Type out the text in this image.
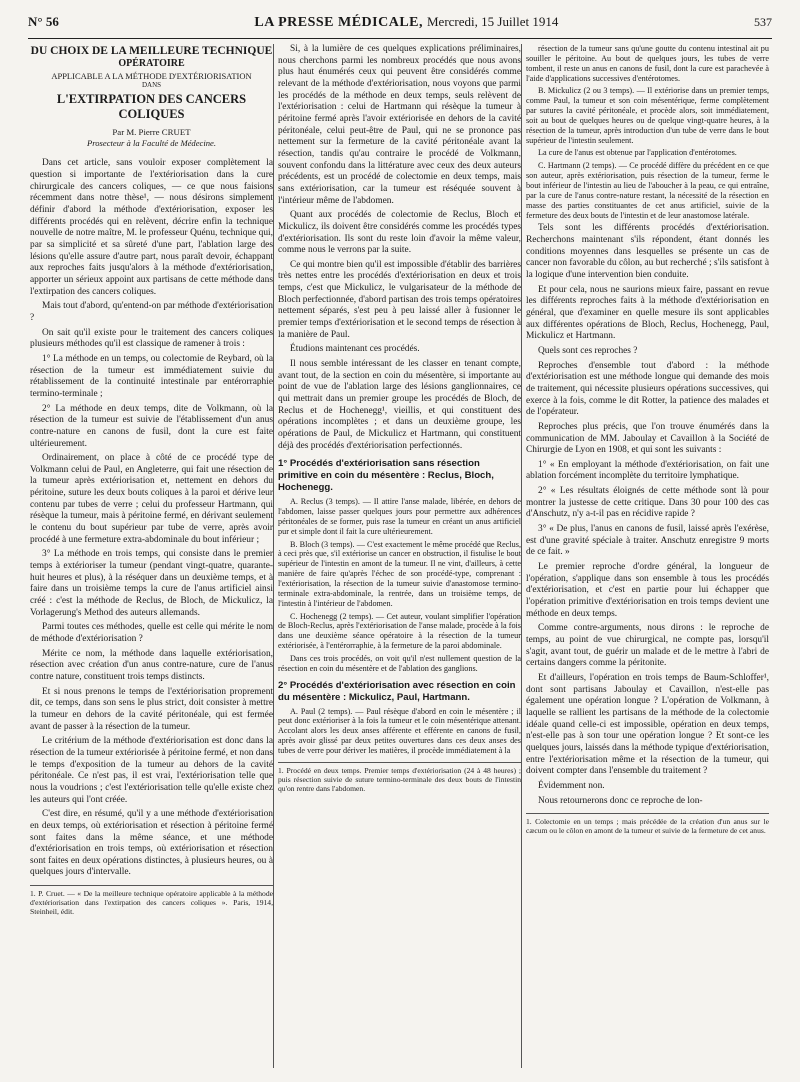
N° 56	LA PRESSE MÉDICALE, Mercredi, 15 Juillet 1914	537
DU CHOIX DE LA MEILLEURE TECHNIQUE
OPÉRATOIRE
APPLICABLE A LA MÉTHODE D'EXTÉRIORISATION
DANS
L'EXTIRPATION DES CANCERS COLIQUES
Par M. Pierre CRUET
Prosecteur à la Faculté de Médecine.

Dans cet article, sans vouloir exposer complètement la question si importante de l'extériorisation dans la cure chirurgicale des cancers coliques, — ce que nous faisions récemment dans notre thèse¹, — nous désirons simplement définir d'abord la méthode d'extériorisation, exposer les différents procédés qui en relèvent, décrire enfin la technique nouvelle de notre maître, M. le professeur Quénu, technique qui, par sa simplicité et sa sûreté d'une part, l'ablation large des lésions qu'elle assure d'autre part, nous paraît devoir, échappant aux reproches faits jusqu'alors à la méthode d'extériorisation, apporter un sérieux appoint aux partisans de cette méthode dans l'extirpation des cancers coliques.

Mais tout d'abord, qu'entend-on par méthode d'extériorisation ?

On sait qu'il existe pour le traitement des cancers coliques plusieurs méthodes qu'il est classique de ramener à trois :

1° La méthode en un temps, ou colectomie de Reybard, où la résection de la tumeur est immédiatement suivie du rétablissement de la continuité intestinale par entérorraphie termino-terminale ;

2° La méthode en deux temps, dite de Volkmann, où la résection de la tumeur est suivie de l'établissement d'un anus contre-nature en canons de fusil, dont la cure est faite ultérieurement.

Ordinairement, on place à côté de ce procédé type de Volkmann celui de Paul, en Angleterre, qui fait une résection de la tumeur après extériorisation et, nettement en dehors du péritoine, suture les deux bouts coliques à la paroi et dérive leur contenu par tubes de verre ; celui du professeur Hartmann, qui résèque la tumeur, mais à péritoine fermé, en dérivant seulement le contenu du bout supérieur par tube de verre, après avoir procédé à une fermeture extra-abdominale du bout inférieur ;

3° La méthode en trois temps, qui consiste dans le premier temps à extérioriser la tumeur (pendant vingt-quatre, quarante-huit heures et plus), à la réséquer dans un deuxième temps, et à faire dans un troisième temps la cure de l'anus artificiel ainsi créé : c'est la méthode de Reclus, de Bloch, de Mickulicz, la Vorlagerung's Method des auteurs allemands.

Parmi toutes ces méthodes, quelle est celle qui mérite le nom de méthode d'extériorisation ?

Mérite ce nom, la méthode dans laquelle extériorisation, résection avec création d'un anus contre-nature, cure de l'anus contre nature, constituent trois temps distincts.

Et si nous prenons le temps de l'extériorisation proprement dit, ce temps, dans son sens le plus strict, doit consister à mettre la tumeur en dehors de la cavité péritonéale, qui est fermée avant de passer à la résection de la tumeur.

Le critérium de la méthode d'extériorisation est donc dans la résection de la tumeur extériorisée à péritoine fermé, et non dans le temps d'exposition de la tumeur au dehors de la cavité péritonéale. Ce n'est pas, il est vrai, l'extériorisation telle que nous la voudrions ; c'est l'extériorisation telle qu'elle existe chez les auteurs qui l'ont créée.

C'est dire, en résumé, qu'il y a une méthode d'extériorisation en deux temps, où extériorisation et résection à péritoine fermé sont faites dans la même séance, et une méthode d'extériorisation en trois temps, où extériorisation et résection sont faites en deux opérations distinctes, à plusieurs heures, ou à quelques jours d'intervalle.

1. P. Cruet. — « De la meilleure technique opératoire applicable à la méthode d'extériorisation dans l'extirpation des cancers coliques ». Paris, 1914, Steinheil, édit.

Si, à la lumière de ces quelques explications préliminaires, nous cherchons parmi les nombreux procédés que nous avons plus haut énumérés ceux qui peuvent être considérés comme relevant de la méthode d'extériorisation, nous voyons que parmi les procédés de la méthode en deux temps, seuls relèvent de l'extériorisation : celui de Hartmann qui résèque la tumeur à péritoine fermé après l'avoir extériorisée en dehors de la cavité péritonéale, celui peut-être de Paul, qui ne se prononce pas nettement sur la fermeture de la cavité péritonéale avant la résection, tandis qu'au contraire le procédé de Volkmann, souvent confondu dans la littérature avec ceux des deux auteurs précédents, est un procédé de colectomie en deux temps, mais sans extériorisation, car la tumeur est réséquée souvent à l'intérieur même de l'abdomen.

Quant aux procédés de colectomie de Reclus, Bloch et Mickulicz, ils doivent être considérés comme les procédés types d'extériorisation. Ils sont du reste loin d'avoir la même valeur, comme nous le verrons par la suite.

Ce qui montre bien qu'il est impossible d'établir des barrières très nettes entre les procédés d'extériorisation en deux et trois temps, c'est que Mickulicz, le vulgarisateur de la méthode de Bloch perfectionnée, d'abord partisan des trois temps opératoires nettement séparés, s'est peu à peu laissé aller à fusionner le premier temps d'extériorisation et le second temps de résection à la manière de Paul.

Étudions maintenant ces procédés.

Il nous semble intéressant de les classer en tenant compte, avant tout, de la section en coin du mésentère, si importante au point de vue de l'ablation large des lésions ganglionnaires, ce qui mettrait dans un premier groupe les procédés de Bloch, de Reclus et de Hochenegg¹, vieillis, et qui constituent des opérations incomplètes ; et dans un deuxième groupe, les opérations de Paul, de Mickulicz et Hartmann, qui constituent déjà des procédés d'extériorisation perfectionnés.

1° Procédés d'extériorisation sans résection primitive en coin du mésentère : Reclus, Bloch, Hochenegg.

A. Reclus (3 temps). — Il attire l'anse malade, libérée, en dehors de l'abdomen, laisse passer quelques jours pour permettre aux adhérences péritonéales de se former, puis rase la tumeur en créant un anus artificiel pur et simple dont il fait la cure ultérieurement.

B. Bloch (3 temps). — C'est exactement le même procédé que Reclus, à ceci près que, s'il extériorise un cancer en obstruction, il fistulise le bout supérieur de l'intestin en amont de la tumeur. Il ne vint, d'ailleurs, à cette manière de faire qu'après l'échec de son procédé-type, comprenant : l'extériorisation, la résection de la tumeur suivie d'anastomose termino-terminale extra-abdominale, la rentrée, dans un troisième temps, de l'intestin à l'intérieur de l'abdomen.

C. Hochenegg (2 temps). — Cet auteur, voulant simplifier l'opération de Bloch-Reclus, après l'extériorisation de l'anse malade, procède à la fois dans une deuxième séance opératoire à la résection de la tumeur extériorisée, à l'entérorraphie, à la fermeture de la paroi abdominale.

Dans ces trois procédés, on voit qu'il n'est nullement question de la résection en coin du mésentère et de l'ablation des ganglions.

2° Procédés d'extériorisation avec résection en coin du mésentère : Mickulicz, Paul, Hartmann.

A. Paul (2 temps). — Paul résèque d'abord en coin le mésentère ; il peut donc extérioriser à la fois la tumeur et le coin mésentérique attenant. Accolant alors les deux anses afférente et efférente en canons de fusil, après avoir glissé par deux petites ouvertures dans ces deux anses des tubes de verre pour dériver les matières, il procède immédiatement à la

1. Procédé en deux temps. Premier temps d'extériorisation (24 à 48 heures) ; puis résection suivie de suture termino-terminale des deux bouts de l'intestin qu'on rentre dans l'abdomen.

résection de la tumeur sans qu'une goutte du contenu intestinal ait pu souiller le péritoine. Au bout de quelques jours, les tubes de verre tombent, il reste un anus en canons de fusil, dont la cure est parachevée à l'aide d'applications successives d'entérotomes.

B. Mickulicz (2 ou 3 temps). — Il extériorise dans un premier temps, comme Paul, la tumeur et son coin mésentérique, ferme complètement par sutures la cavité péritonéale, et procède alors, soit immédiatement, soit au bout de quelques heures ou de quelque vingt-quatre heures, à la résection de la tumeur, après introduction d'un tube de verre dans le bout supérieur de l'intestin seulement.

La cure de l'anus est obtenue par l'application d'entérotomes.

C. Hartmann (2 temps). — Ce procédé diffère du précédent en ce que son auteur, après extériorisation, puis résection de la tumeur, ferme le bout inférieur de l'intestin au lieu de l'aboucher à la peau, ce qui entraîne, par la cure de l'anus contre-nature restant, la nécessité de la résection en masse des parties constituantes de cet anus artificiel, suivie de la fermeture des deux bouts de l'intestin et de leur anastomose latérale.

Tels sont les différents procédés d'extériorisation. Recherchons maintenant s'ils répondent, étant donnés les conditions moyennes dans lesquelles se présente un cas de cancer non favorable du côlon, au but recherché ; s'ils satisfont à la logique d'une intervention bien conduite.

Et pour cela, nous ne saurions mieux faire, passant en revue les différents reproches faits à la méthode d'extériorisation en général, que d'examiner en quelle mesure ils sont applicables aux différentes opérations de Bloch, Reclus, Hochenegg, Paul, Mickulicz et Hartmann.

Quels sont ces reproches ?

Reproches d'ensemble tout d'abord : la méthode d'extériorisation est une méthode longue qui demande des mois de traitement, qui nécessite plusieurs opérations successives, qui exerce à la fois, comme le dit Rotter, la patience des malades et de l'opérateur.

Reproches plus précis, que l'on trouve énumérés dans la communication de MM. Jaboulay et Cavaillon à la Société de Chirurgie de Lyon en 1908, et qui sont les suivants :

1° « En employant la méthode d'extériorisation, on fait une ablation forcément incomplète du territoire lymphatique.

2° « Les résultats éloignés de cette méthode sont là pour montrer la justesse de cette critique. Dans 30 pour 100 des cas d'Anschutz, n'y a-t-il pas en récidive rapide ?

3° « De plus, l'anus en canons de fusil, laissé après l'exérèse, est d'une gravité spéciale à traiter. Anschutz enregistre 9 morts de ce fait. »

Le premier reproche d'ordre général, la longueur de l'opération, s'applique dans son ensemble à tous les procédés d'extériorisation, et c'est en partie pour lui échapper que l'opération primitive d'extériorisation en trois temps devient une méthode en deux temps.

Comme contre-arguments, nous dirons : le reproche de temps, au point de vue chirurgical, ne compte pas, lorsqu'il s'agit, avant tout, de guérir un malade et de le mettre à l'abri de certains dangers comme la péritonite.

Et d'ailleurs, l'opération en trois temps de Baum-Schloffer¹, dont sont partisans Jaboulay et Cavaillon, n'est-elle pas également une opération longue ? L'opération de Volkmann, à laquelle se rallient les partisans de la méthode de la colectomie idéale quand celle-ci est impossible, opération en deux temps, n'est-elle pas à son tour une opération longue ? Et sont-ce les quelques jours, laissés dans la méthode typique d'extériorisation, entre l'extériorisation même et la résection de la tumeur, qui doivent compter dans l'ensemble du traitement ?

Évidemment non.

Nous retournerons donc ce reproche de lon-

1. Colectomie en un temps ; mais précédée de la création d'un anus sur le cæcum ou le côlon en amont de la tumeur et suivie de la fermeture de cet anus.
